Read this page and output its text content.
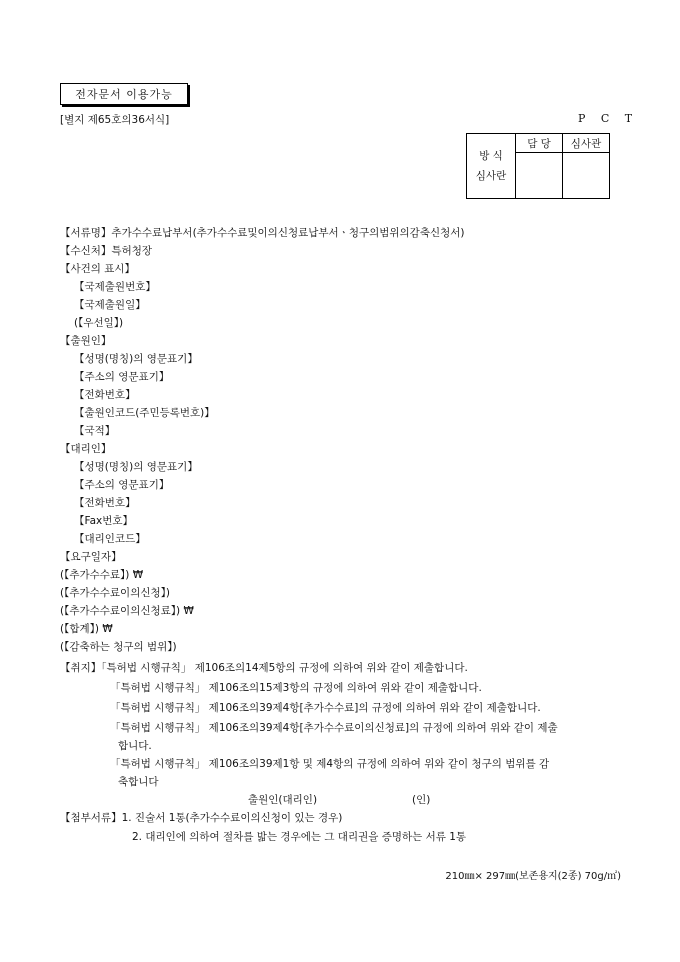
전자문서 이용가능
[별지 제65호의36서식]	P C T
방 식
심사란	담 당	심사관

【서류명】추가수수료납부서(추가수수료및이의신청료납부서ㆍ청구의범위의감축신청서)
【수신처】특허청장
【사건의 표시】
【국제출원번호】
【국제출원일】
(【우선일】)
【출원인】
【성명(명칭)의 영문표기】
【주소의 영문표기】
【전화번호】
【출원인코드(주민등록번호)】
【국적】
【대리인】
【성명(명칭)의 영문표기】
【주소의 영문표기】
【전화번호】
【Fax번호】
【대리인코드】
【요구일자】
(【추가수수료】) ₩
(【추가수수료이의신청】)
(【추가수수료이의신청료】) ₩
(【합계】) ₩
(【감축하는 청구의 범위】)
【취지】「특허법 시행규칙」 제106조의14제5항의 규정에 의하여 위와 같이 제출합니다.
「특허법 시행규칙」 제106조의15제3항의 규정에 의하여 위와 같이 제출합니다.
「특허법 시행규칙」 제106조의39제4항[추가수수료]의 규정에 의하여 위와 같이 제출합니다.
「특허법 시행규칙」 제106조의39제4항[추가수수료이의신청료]의 규정에 의하여 위와 같이 제출
합니다.
「특허법 시행규칙」 제106조의39제1항 및 제4항의 규정에 의하여 위와 같이 청구의 범위를 감
축합니다
출원인(대리인)	(인)
【첨부서류】1. 진술서 1통(추가수수료이의신청이 있는 경우)
2. 대리인에 의하여 절차를 밟는 경우에는 그 대리권을 증명하는 서류 1통
210㎜× 297㎜(보존용지(2종) 70g/㎡)
